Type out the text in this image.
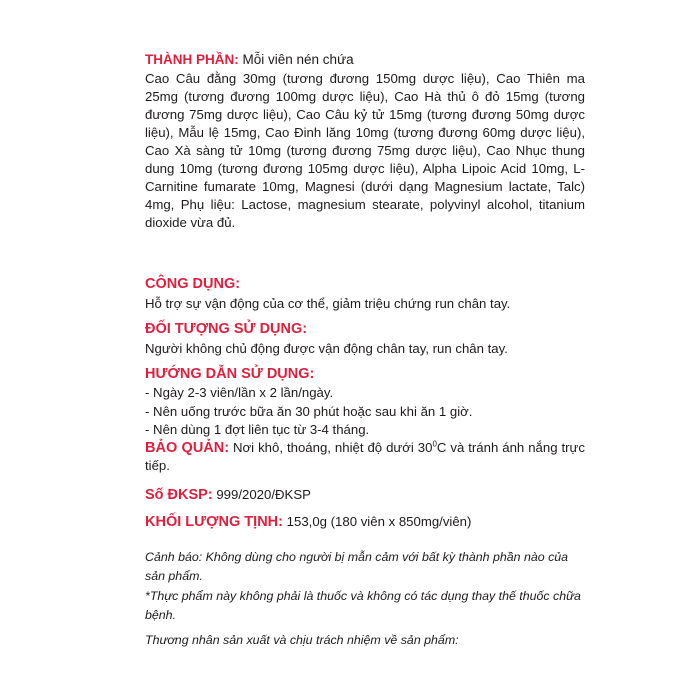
THÀNH PHẦN: Mỗi viên nén chứa

Cao Câu đằng 30mg (tương đương 150mg dược liệu), Cao Thiên ma 25mg (tương đương 100mg dược liệu), Cao Hà thủ ô đỏ 15mg (tương đương 75mg dược liệu), Cao Câu kỷ tử 15mg (tương đương 50mg dược liệu), Mẫu lệ 15mg, Cao Đinh lăng 10mg (tương đương 60mg dược liệu), Cao Xà sàng tử 10mg (tương đương 75mg dược liệu), Cao Nhục thung dung 10mg (tương đương 105mg dược liệu), Alpha Lipoic Acid 10mg, L-Carnitine fumarate 10mg, Magnesi (dưới dạng Magnesium lactate, Talc) 4mg, Phụ liệu: Lactose, magnesium stearate, polyvinyl alcohol, titanium dioxide vừa đủ.

CÔNG DỤNG:

Hỗ trợ sự vận động của cơ thể, giảm triệu chứng run chân tay.

ĐỐI TƯỢNG SỬ DỤNG:

Người không chủ động được vận động chân tay, run chân tay.

HƯỚNG DẪN SỬ DỤNG:

- Ngày 2-3 viên/lần x 2 lần/ngày.
- Nên uống trước bữa ăn 30 phút hoặc sau khi ăn 1 giờ.
- Nên dùng 1 đợt liên tục từ 3-4 tháng.

BẢO QUẢN: Nơi khô, thoáng, nhiệt độ dưới $30^0C$ và tránh ánh nắng trực tiếp.

Số ĐKSP: 999/2020/ĐKSP

KHỐI LƯỢNG TỊNH: 153,0g (180 viên x 850mg/viên)

Cảnh báo: Không dùng cho người bị mẫn cảm với bất kỳ thành phần nào của sản phẩm.

*Thực phẩm này không phải là thuốc và không có tác dụng thay thế thuốc chữa bệnh.

Thương nhân sản xuất và chịu trách nhiệm về sản phẩm:
